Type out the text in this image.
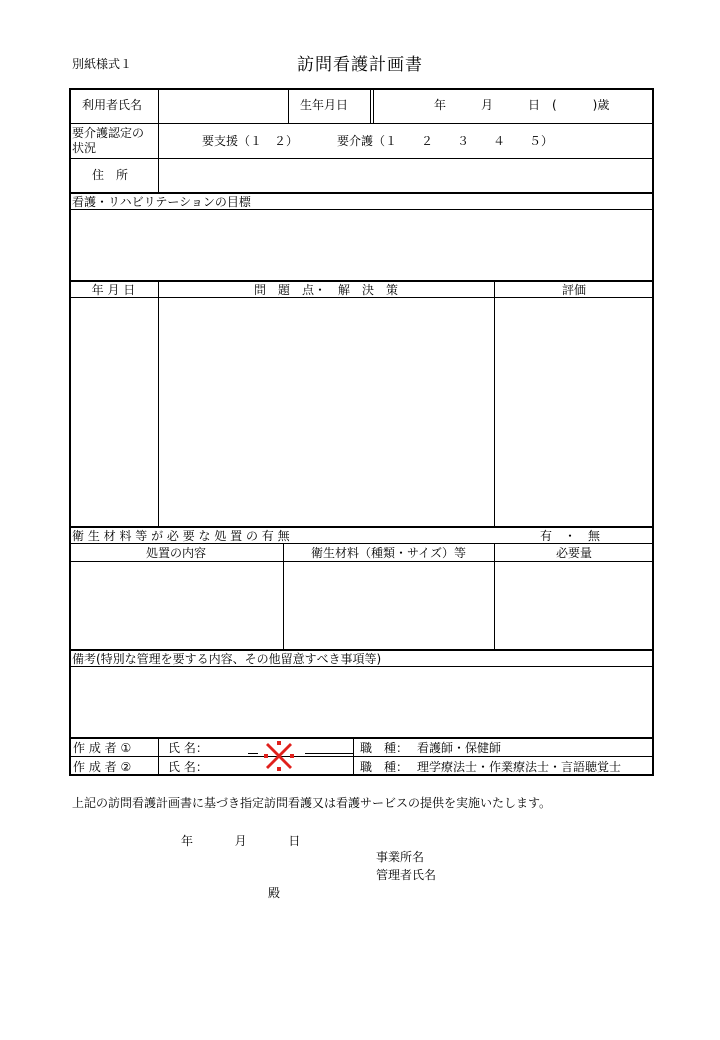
別紙様式１	訪問看護計画書
利用者氏名	生年月日	年	月	日 (　　　)歳
要介護認定の
状況	要支援（１　２）	要介護（１　　２　　３　　４　　５）
住　所
看護・リハビリテーションの目標
年 月 日	問　題　点・　解　決　策	評価
衛 生 材 料 等 が 必 要 な 処 置 の 有 無	有　・　無
処置の内容	衛生材料（種類・サイズ）等	必要量
備考(特別な管理を要する内容、その他留意すべき事項等)
作 成 者 ①	氏 名：	職　種： 看護師・保健師
作 成 者 ②	氏 名：	職　種： 理学療法士・作業療法士・言語聴覚士
上記の訪問看護計画書に基づき指定訪問看護又は看護サービスの提供を実施いたします。
年	月	日
事業所名
管理者氏名
殿
